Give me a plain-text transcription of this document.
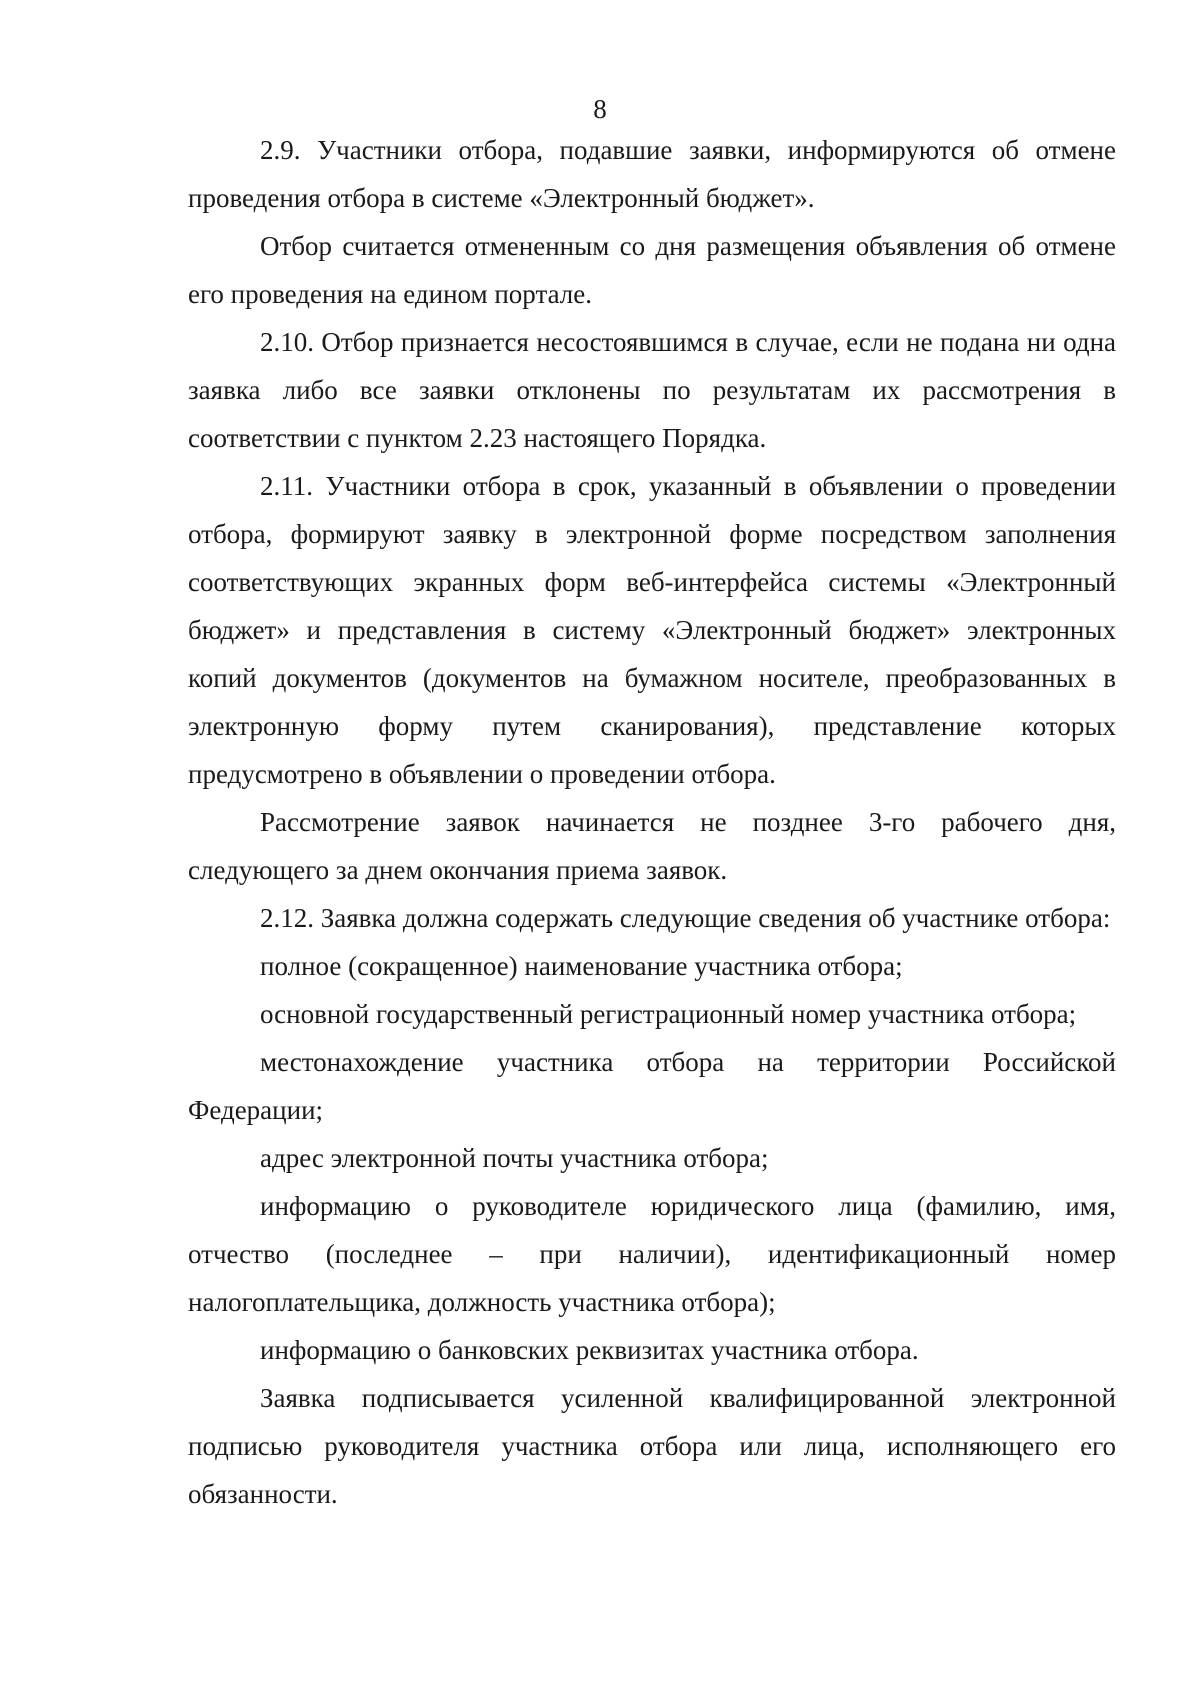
8

2.9. Участники отбора, подавшие заявки, информируются об отмене проведения отбора в системе «Электронный бюджет».

Отбор считается отмененным со дня размещения объявления об отмене его проведения на едином портале.

2.10. Отбор признается несостоявшимся в случае, если не подана ни одна заявка либо все заявки отклонены по результатам их рассмотрения в соответствии с пунктом 2.23 настоящего Порядка.

2.11. Участники отбора в срок, указанный в объявлении о проведении отбора, формируют заявку в электронной форме посредством заполнения соответствующих экранных форм веб-интерфейса системы «Электронный бюджет» и представления в систему «Электронный бюджет» электронных копий документов (документов на бумажном носителе, преобразованных в электронную форму путем сканирования), представление которых предусмотрено в объявлении о проведении отбора.

Рассмотрение заявок начинается не позднее 3-го рабочего дня, следующего за днем окончания приема заявок.

2.12. Заявка должна содержать следующие сведения об участнике отбора:

полное (сокращенное) наименование участника отбора;

основной государственный регистрационный номер участника отбора;

местонахождение участника отбора на территории Российской Федерации;

адрес электронной почты участника отбора;

информацию о руководителе юридического лица (фамилию, имя, отчество (последнее – при наличии), идентификационный номер налогоплательщика, должность участника отбора);

информацию о банковских реквизитах участника отбора.

Заявка подписывается усиленной квалифицированной электронной подписью руководителя участника отбора или лица, исполняющего его обязанности.
